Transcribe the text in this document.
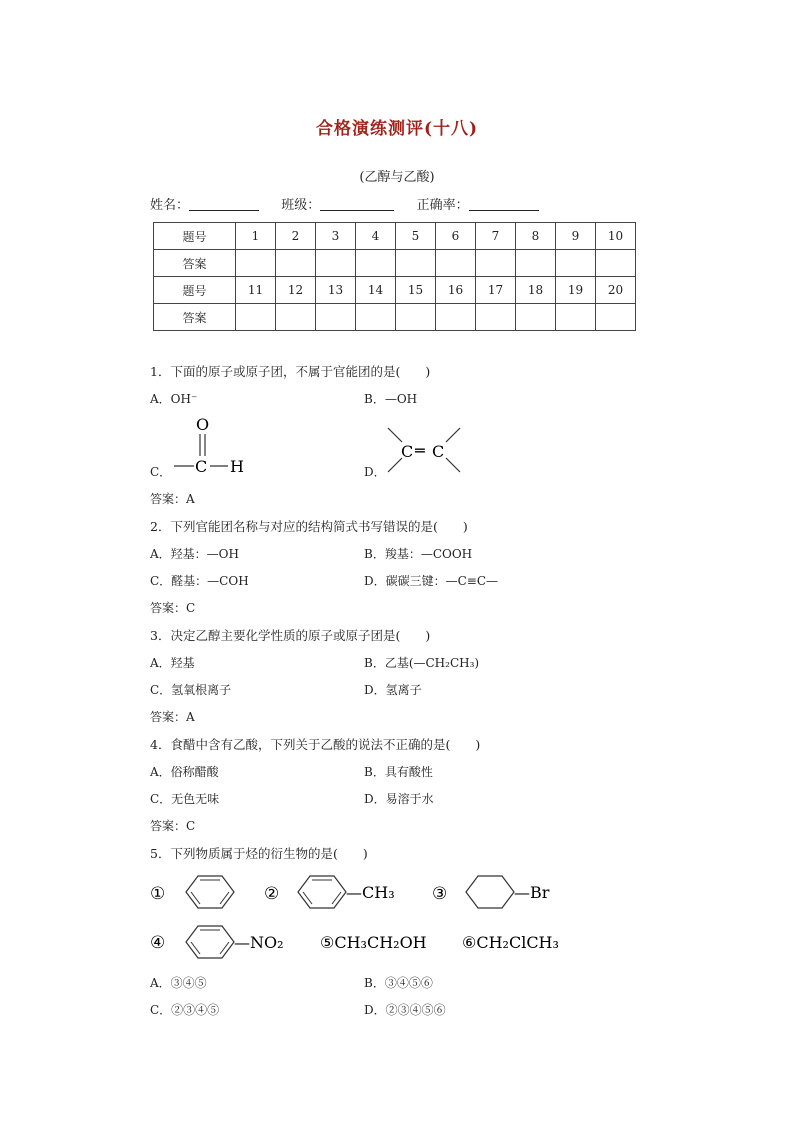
合格演练测评(十八)
(乙醇与乙酸)
姓名：	班级：	正确率：
题号	1	2	3	4	5	6	7	8	9	10
答案										
题号	11	12	13	14	15	16	17	18	19	20
答案										
1．下面的原子或原子团，不属于官能团的是(　　)
A．OH⁻	B．—OH
C．
O
C H	D．
C ═ C
答案：A
2．下列官能团名称与对应的结构简式书写错误的是(　　)
A．羟基：—OH	B．羧基：—COOH
C．醛基：—COH	D．碳碳三键：—C≡C—
答案：C
3．决定乙醇主要化学性质的原子或原子团是(　　)
A．羟基	B．乙基(—CH₂CH₃)
C．氢氧根离子	D．氢离子
答案：A
4．食醋中含有乙酸，下列关于乙酸的说法不正确的是(　　)
A．俗称醋酸	B．具有酸性
C．无色无味	D．易溶于水
答案：C
5．下列物质属于烃的衍生物的是(　　)
①	②	—CH₃ ③	—Br
④	—NO₂ ⑤CH₃CH₂OH ⑥CH₂ClCH₃
A．③④⑤	B．③④⑤⑥
C．②③④⑤	D．②③④⑤⑥
